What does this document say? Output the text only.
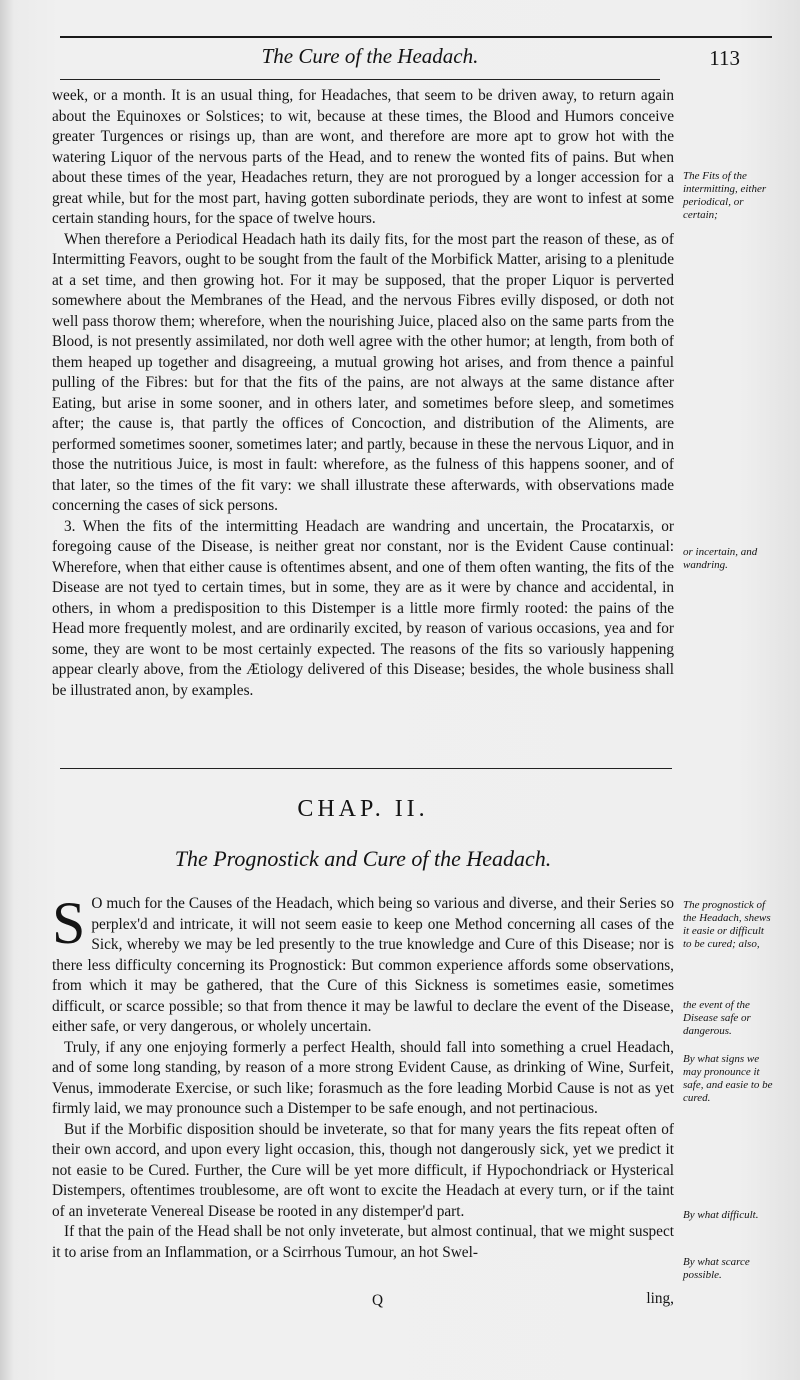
The Cure of the Headach.	113

week, or a month. It is an usual thing, for Headaches, that seem to be driven away, to return again about the Equinoxes or Solstices; to wit, because at these times, the Blood and Humors conceive greater Turgences or risings up, than are wont, and therefore are more apt to grow hot with the watering Liquor of the nervous parts of the Head, and to renew the wonted fits of pains. But when about these times of the year, Headaches return, they are not prorogued by a longer accession for a great while, but for the most part, having gotten subordinate periods, they are wont to infest at some certain standing hours, for the space of twelve hours.

When therefore a Periodical Headach hath its daily fits, for the most part the reason of these, as of Intermitting Feavors, ought to be sought from the fault of the Morbifick Matter, arising to a plenitude at a set time, and then growing hot. For it may be supposed, that the proper Liquor is perverted somewhere about the Membranes of the Head, and the nervous Fibres evilly disposed, or doth not well pass thorow them; wherefore, when the nourishing Juice, placed also on the same parts from the Blood, is not presently assimilated, nor doth well agree with the other humor; at length, from both of them heaped up together and disagreeing, a mutual growing hot arises, and from thence a painful pulling of the Fibres: but for that the fits of the pains, are not always at the same distance after Eating, but arise in some sooner, and in others later, and sometimes before sleep, and sometimes after; the cause is, that partly the offices of Concoction, and distribution of the Aliments, are performed sometimes sooner, sometimes later; and partly, because in these the nervous Liquor, and in those the nutritious Juice, is most in fault: wherefore, as the fulness of this happens sooner, and of that later, so the times of the fit vary: we shall illustrate these afterwards, with observations made concerning the cases of sick persons.

3. When the fits of the intermitting Headach are wandring and uncertain, the Procatarxis, or foregoing cause of the Disease, is neither great nor constant, nor is the Evident Cause continual: Wherefore, when that either cause is oftentimes absent, and one of them often wanting, the fits of the Disease are not tyed to certain times, but in some, they are as it were by chance and accidental, in others, in whom a predisposition to this Distemper is a little more firmly rooted: the pains of the Head more frequently molest, and are ordinarily excited, by reason of various occasions, yea and for some, they are wont to be most certainly expected. The reasons of the fits so variously happening appear clearly above, from the Ætiology delivered of this Disease; besides, the whole business shall be illustrated anon, by examples.

CHAP. II.
The Prognostick and Cure of the Headach.

S O much for the Causes of the Headach, which being so various and diverse, and their Series so perplex'd and intricate, it will not seem easie to keep one Method concerning all cases of the Sick, whereby we may be led presently to the true knowledge and Cure of this Disease; nor is there less difficulty concerning its Prognostick: But common experience affords some observations, from which it may be gathered, that the Cure of this Sickness is sometimes easie, sometimes difficult, or scarce possible; so that from thence it may be lawful to declare the event of the Disease, either safe, or very dangerous, or wholely uncertain.

Truly, if any one enjoying formerly a perfect Health, should fall into something a cruel Headach, and of some long standing, by reason of a more strong Evident Cause, as drinking of Wine, Surfeit, Venus, immoderate Exercise, or such like; forasmuch as the fore leading Morbid Cause is not as yet firmly laid, we may pronounce such a Distemper to be safe enough, and not pertinacious.

But if the Morbific disposition should be inveterate, so that for many years the fits repeat often of their own accord, and upon every light occasion, this, though not dangerously sick, yet we predict it not easie to be Cured. Further, the Cure will be yet more difficult, if Hypochondriack or Hysterical Distempers, oftentimes troublesome, are oft wont to excite the Headach at every turn, or if the taint of an inveterate Venereal Disease be rooted in any distemper'd part.

If that the pain of the Head shall be not only inveterate, but almost continual, that we might suspect it to arise from an Inflammation, or a Scirrhous Tumour, an hot Swel-

Q	ling,
The Fits of the intermitting, either periodical, or certain;
or incertain, and wandring.
The prognostick of the Headach, shews it easie or difficult to be cured; also,
the event of the Disease safe or dangerous.
By what signs we may pronounce it safe, and easie to be cured.
By what difficult.
By what scarce possible.
